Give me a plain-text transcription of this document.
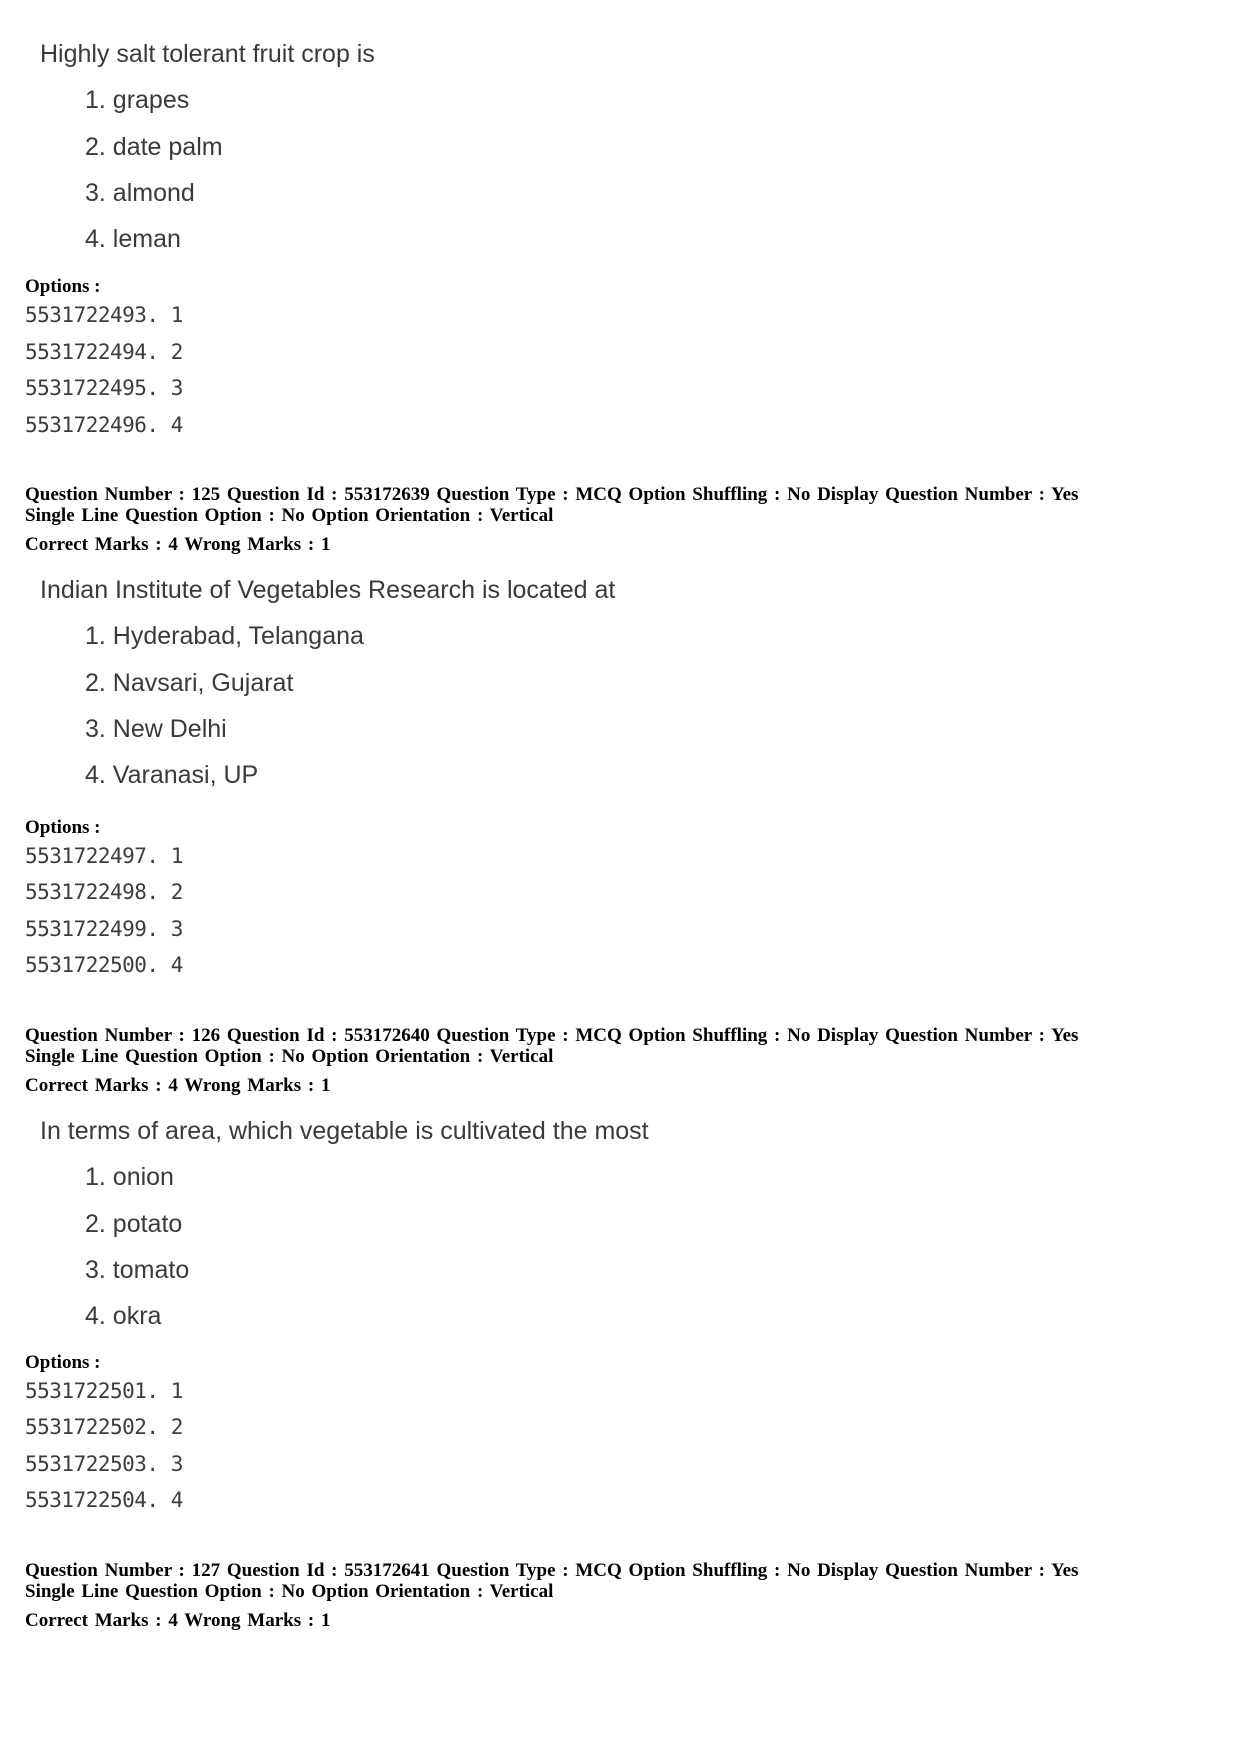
Highly salt tolerant fruit crop is
1. grapes
2. date palm
3. almond
4. leman
Options :
5531722493. 1
5531722494. 2
5531722495. 3
5531722496. 4
Question Number : 125 Question Id : 553172639 Question Type : MCQ Option Shuffling : No Display Question Number : Yes
Single Line Question Option : No Option Orientation : Vertical
Correct Marks : 4 Wrong Marks : 1
Indian Institute of Vegetables Research is located at
1. Hyderabad, Telangana
2. Navsari, Gujarat
3. New Delhi
4. Varanasi, UP
Options :
5531722497. 1
5531722498. 2
5531722499. 3
5531722500. 4
Question Number : 126 Question Id : 553172640 Question Type : MCQ Option Shuffling : No Display Question Number : Yes
Single Line Question Option : No Option Orientation : Vertical
Correct Marks : 4 Wrong Marks : 1
In terms of area, which vegetable is cultivated the most
1. onion
2. potato
3. tomato
4. okra
Options :
5531722501. 1
5531722502. 2
5531722503. 3
5531722504. 4
Question Number : 127 Question Id : 553172641 Question Type : MCQ Option Shuffling : No Display Question Number : Yes
Single Line Question Option : No Option Orientation : Vertical
Correct Marks : 4 Wrong Marks : 1
